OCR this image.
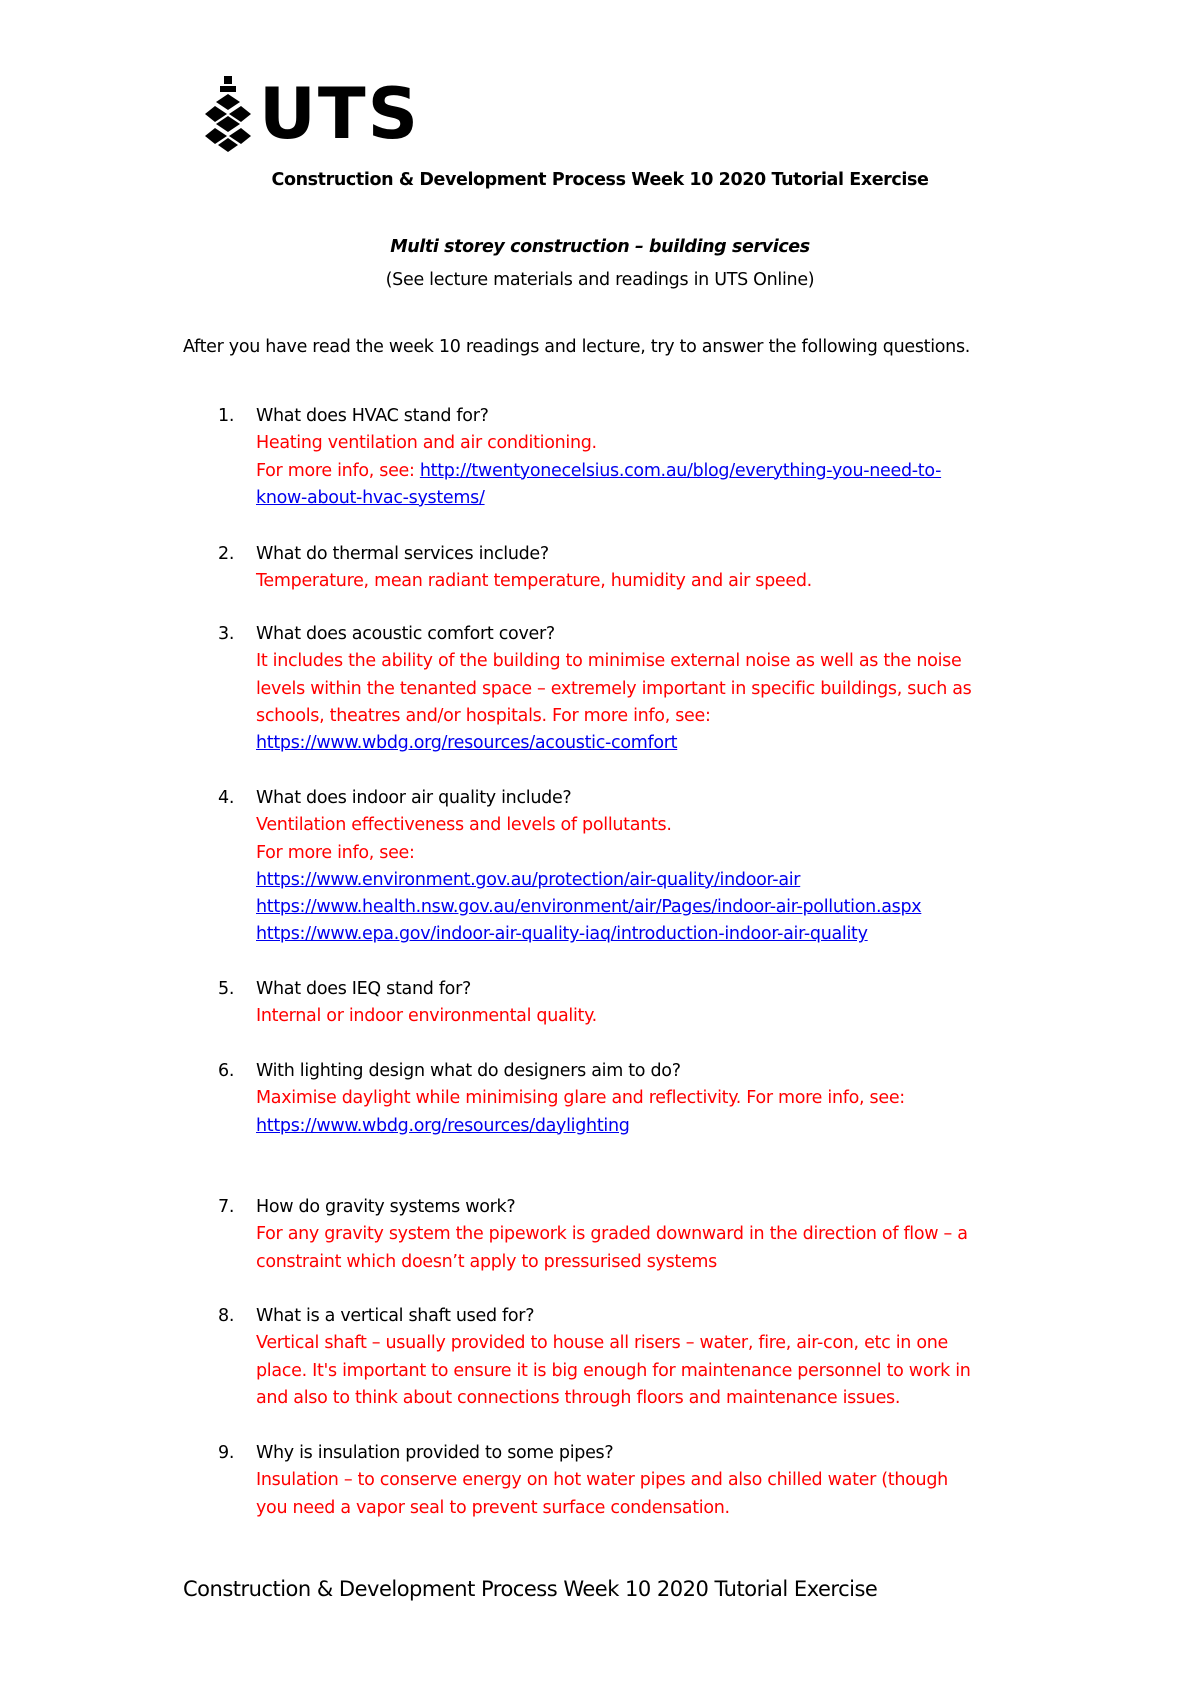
UTS
Construction & Development Process Week 10 2020 Tutorial Exercise
Multi storey construction – building services
(See lecture materials and readings in UTS Online)
After you have read the week 10 readings and lecture, try to answer the following questions.
1. What does HVAC stand for?
Heating ventilation and air conditioning.
For more info, see: http://twentyonecelsius.com.au/blog/everything-you-need-to-
know-about-hvac-systems/
2. What do thermal services include?
Temperature, mean radiant temperature, humidity and air speed.
3. What does acoustic comfort cover?
It includes the ability of the building to minimise external noise as well as the noise
levels within the tenanted space – extremely important in specific buildings, such as
schools, theatres and/or hospitals. For more info, see:
https://www.wbdg.org/resources/acoustic-comfort
4. What does indoor air quality include?
Ventilation effectiveness and levels of pollutants.
For more info, see:
https://www.environment.gov.au/protection/air-quality/indoor-air
https://www.health.nsw.gov.au/environment/air/Pages/indoor-air-pollution.aspx
https://www.epa.gov/indoor-air-quality-iaq/introduction-indoor-air-quality
5. What does IEQ stand for?
Internal or indoor environmental quality.
6. With lighting design what do designers aim to do?
Maximise daylight while minimising glare and reflectivity. For more info, see:
https://www.wbdg.org/resources/daylighting
7. How do gravity systems work?
For any gravity system the pipework is graded downward in the direction of flow – a
constraint which doesn’t apply to pressurised systems
8. What is a vertical shaft used for?
Vertical shaft – usually provided to house all risers – water, fire, air-con, etc in one
place. It's important to ensure it is big enough for maintenance personnel to work in
and also to think about connections through floors and maintenance issues.
9. Why is insulation provided to some pipes?
Insulation – to conserve energy on hot water pipes and also chilled water (though
you need a vapor seal to prevent surface condensation.
Construction & Development Process Week 10 2020 Tutorial Exercise
